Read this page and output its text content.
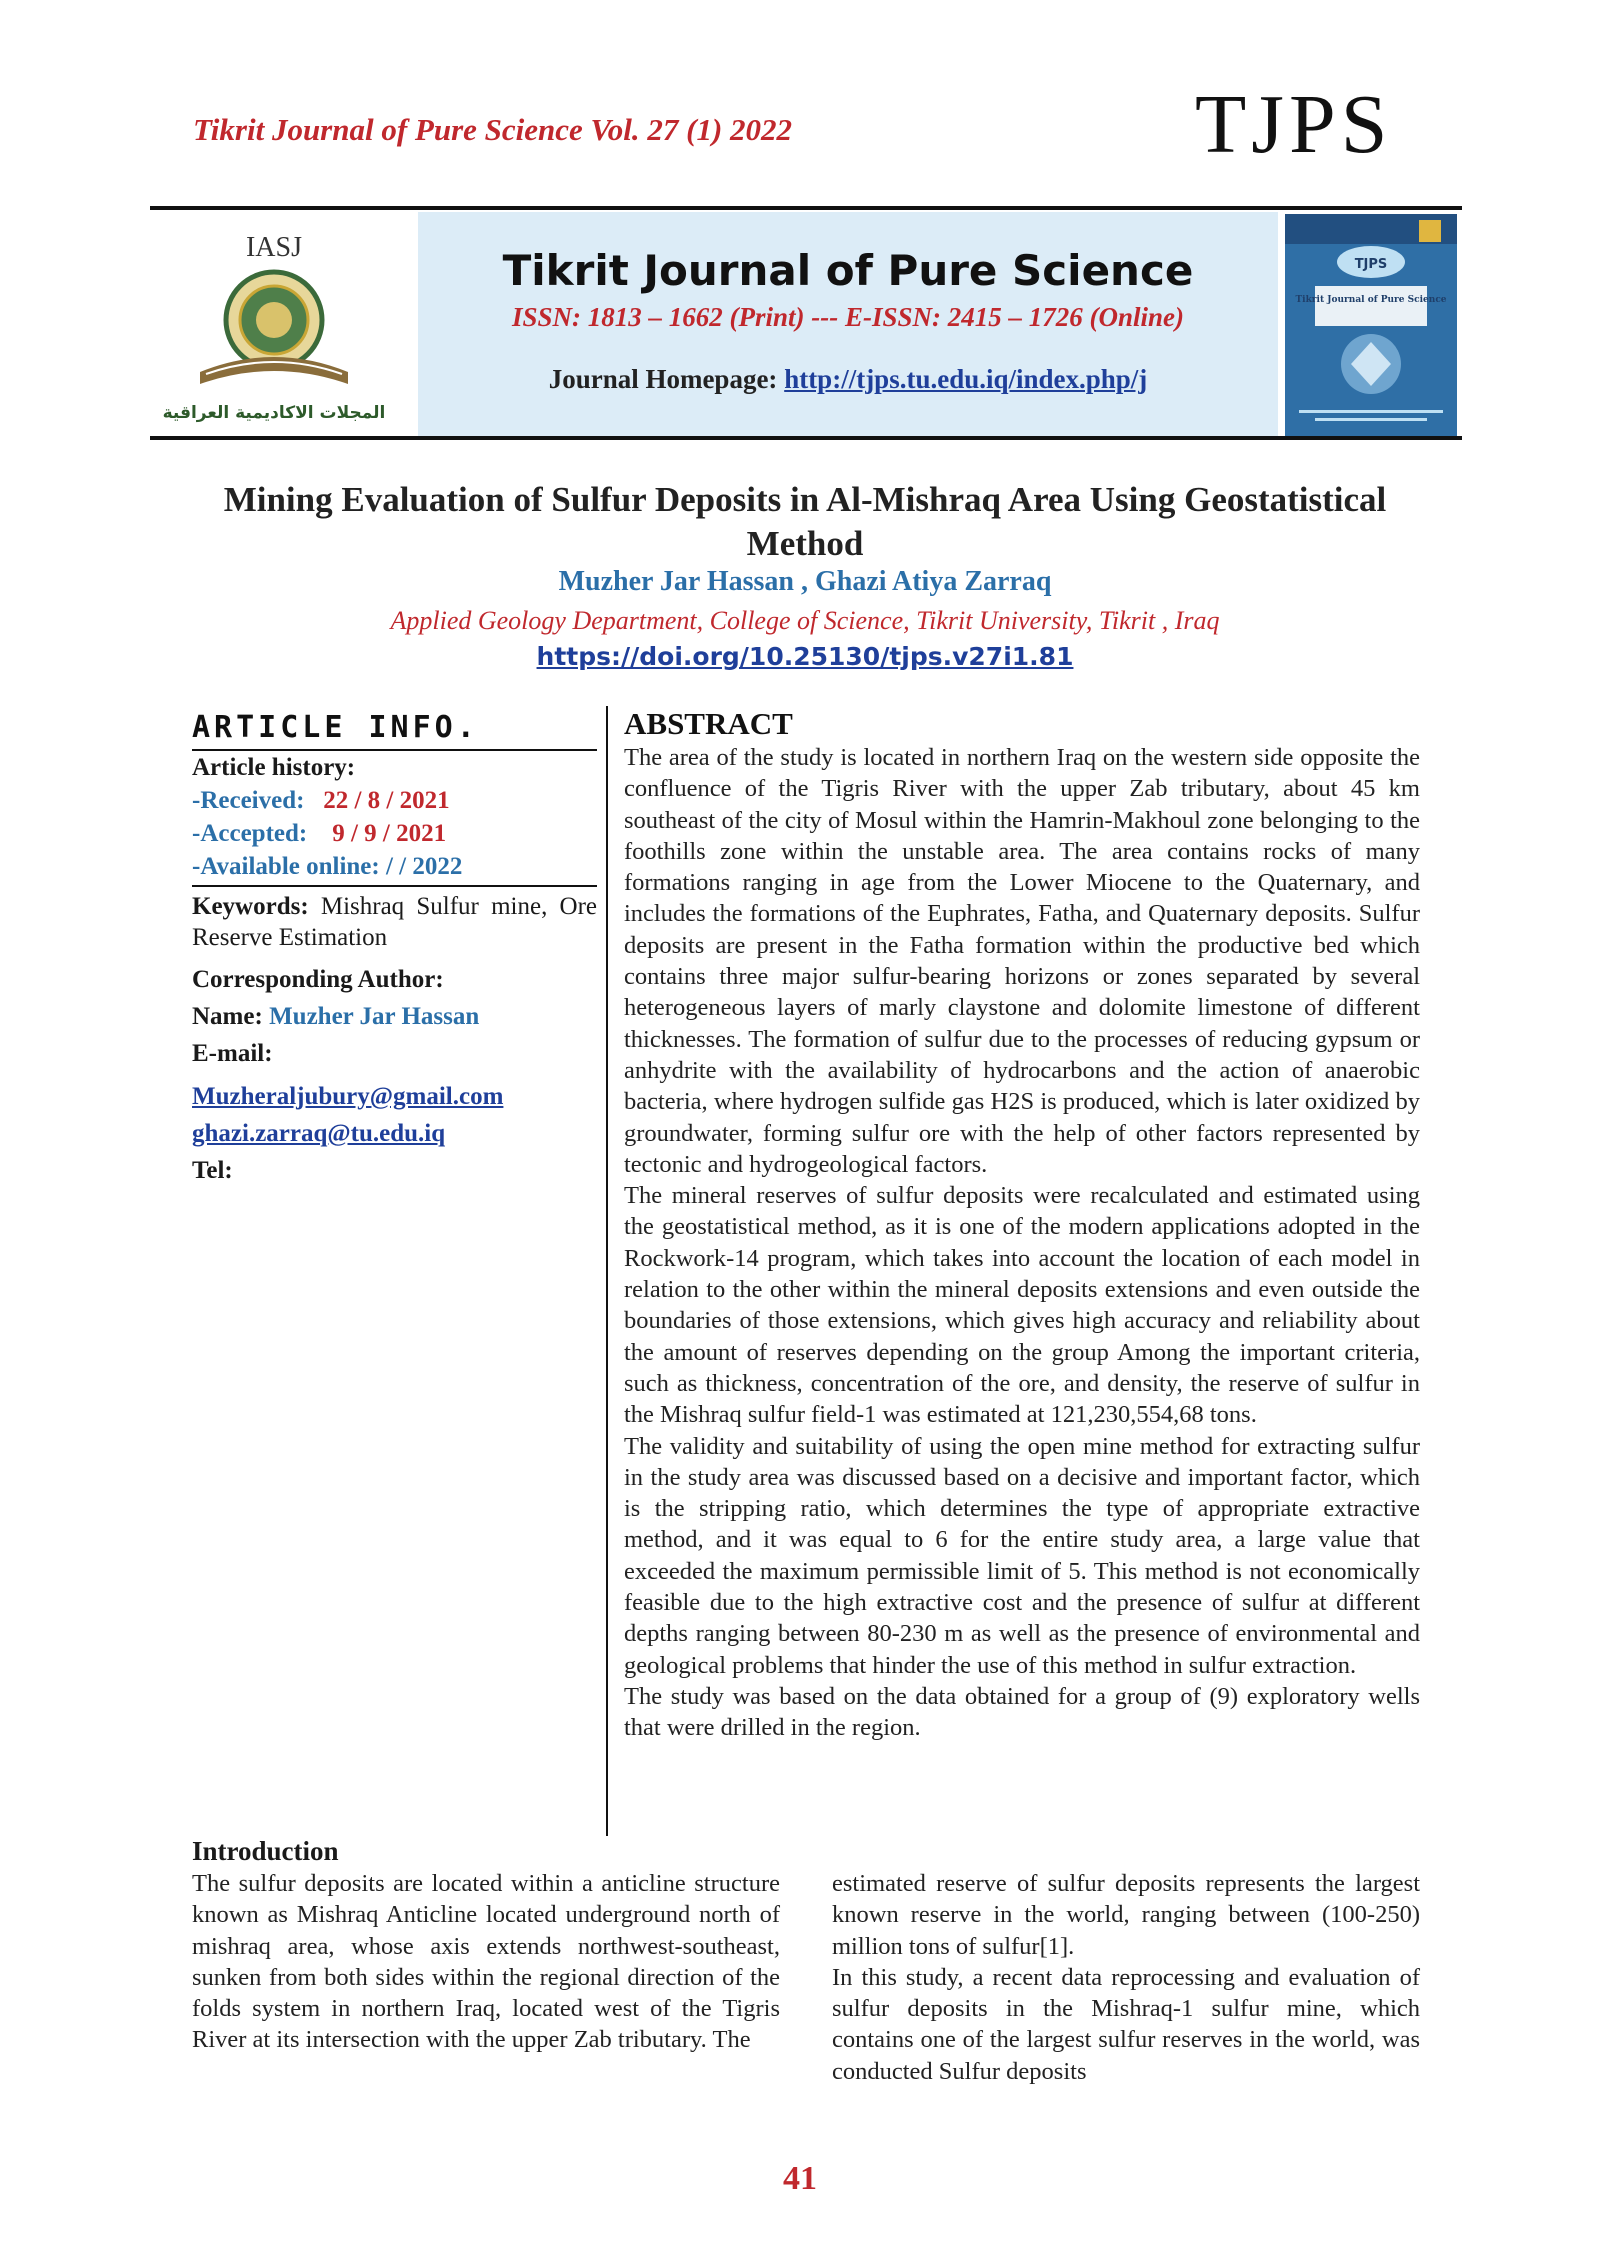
Tikrit Journal of Pure Science Vol. 27 (1) 2022	TJPS
IASJ
المجلات الاكاديمية العراقية
Tikrit Journal of Pure Science
ISSN: 1813 – 1662 (Print) --- E-ISSN: 2415 – 1726 (Online)
Journal Homepage: http://tjps.tu.edu.iq/index.php/j
TJPS
Tikrit Journal of Pure Science
Mining Evaluation of Sulfur Deposits in Al-Mishraq Area Using Geostatistical Method
Muzher Jar Hassan , Ghazi Atiya Zarraq
Applied Geology Department, College of Science, Tikrit University, Tikrit , Iraq
https://doi.org/10.25130/tjps.v27i1.81
ARTICLE INFO.
Article history:
-Received: 22 / 8 / 2021
-Accepted: 9 / 9 / 2021
-Available online: / / 2022
Keywords: Mishraq Sulfur mine, Ore Reserve Estimation
Corresponding Author:
Name: Muzher Jar Hassan
E-mail:
Muzheraljubury@gmail.com
ghazi.zarraq@tu.edu.iq
Tel:
ABSTRACT

The area of the study is located in northern Iraq on the western side opposite the confluence of the Tigris River with the upper Zab tributary, about 45 km southeast of the city of Mosul within the Hamrin-Makhoul zone belonging to the foothills zone within the unstable area. The area contains rocks of many formations ranging in age from the Lower Miocene to the Quaternary, and includes the formations of the Euphrates, Fatha, and Quaternary deposits. Sulfur deposits are present in the Fatha formation within the productive bed which contains three major sulfur-bearing horizons or zones separated by several heterogeneous layers of marly claystone and dolomite limestone of different thicknesses. The formation of sulfur due to the processes of reducing gypsum or anhydrite with the availability of hydrocarbons and the action of anaerobic bacteria, where hydrogen sulfide gas H2S is produced, which is later oxidized by groundwater, forming sulfur ore with the help of other factors represented by tectonic and hydrogeological factors.

The mineral reserves of sulfur deposits were recalculated and estimated using the geostatistical method, as it is one of the modern applications adopted in the Rockwork-14 program, which takes into account the location of each model in relation to the other within the mineral deposits extensions and even outside the boundaries of those extensions, which gives high accuracy and reliability about the amount of reserves depending on the group Among the important criteria, such as thickness, concentration of the ore, and density, the reserve of sulfur in the Mishraq sulfur field-1 was estimated at 121,230,554,68 tons.

The validity and suitability of using the open mine method for extracting sulfur in the study area was discussed based on a decisive and important factor, which is the stripping ratio, which determines the type of appropriate extractive method, and it was equal to 6 for the entire study area, a large value that exceeded the maximum permissible limit of 5. This method is not economically feasible due to the high extractive cost and the presence of sulfur at different depths ranging between 80-230 m as well as the presence of environmental and geological problems that hinder the use of this method in sulfur extraction.

The study was based on the data obtained for a group of (9) exploratory wells that were drilled in the region.

Introduction

The sulfur deposits are located within a anticline structure known as Mishraq Anticline located underground north of mishraq area, whose axis extends northwest-southeast, sunken from both sides within the regional direction of the folds system in northern Iraq, located west of the Tigris River at its intersection with the upper Zab tributary. The

estimated reserve of sulfur deposits represents the largest known reserve in the world, ranging between (100-250) million tons of sulfur[1].

In this study, a recent data reprocessing and evaluation of sulfur deposits in the Mishraq-1 sulfur mine, which contains one of the largest sulfur reserves in the world, was conducted Sulfur deposits

41
